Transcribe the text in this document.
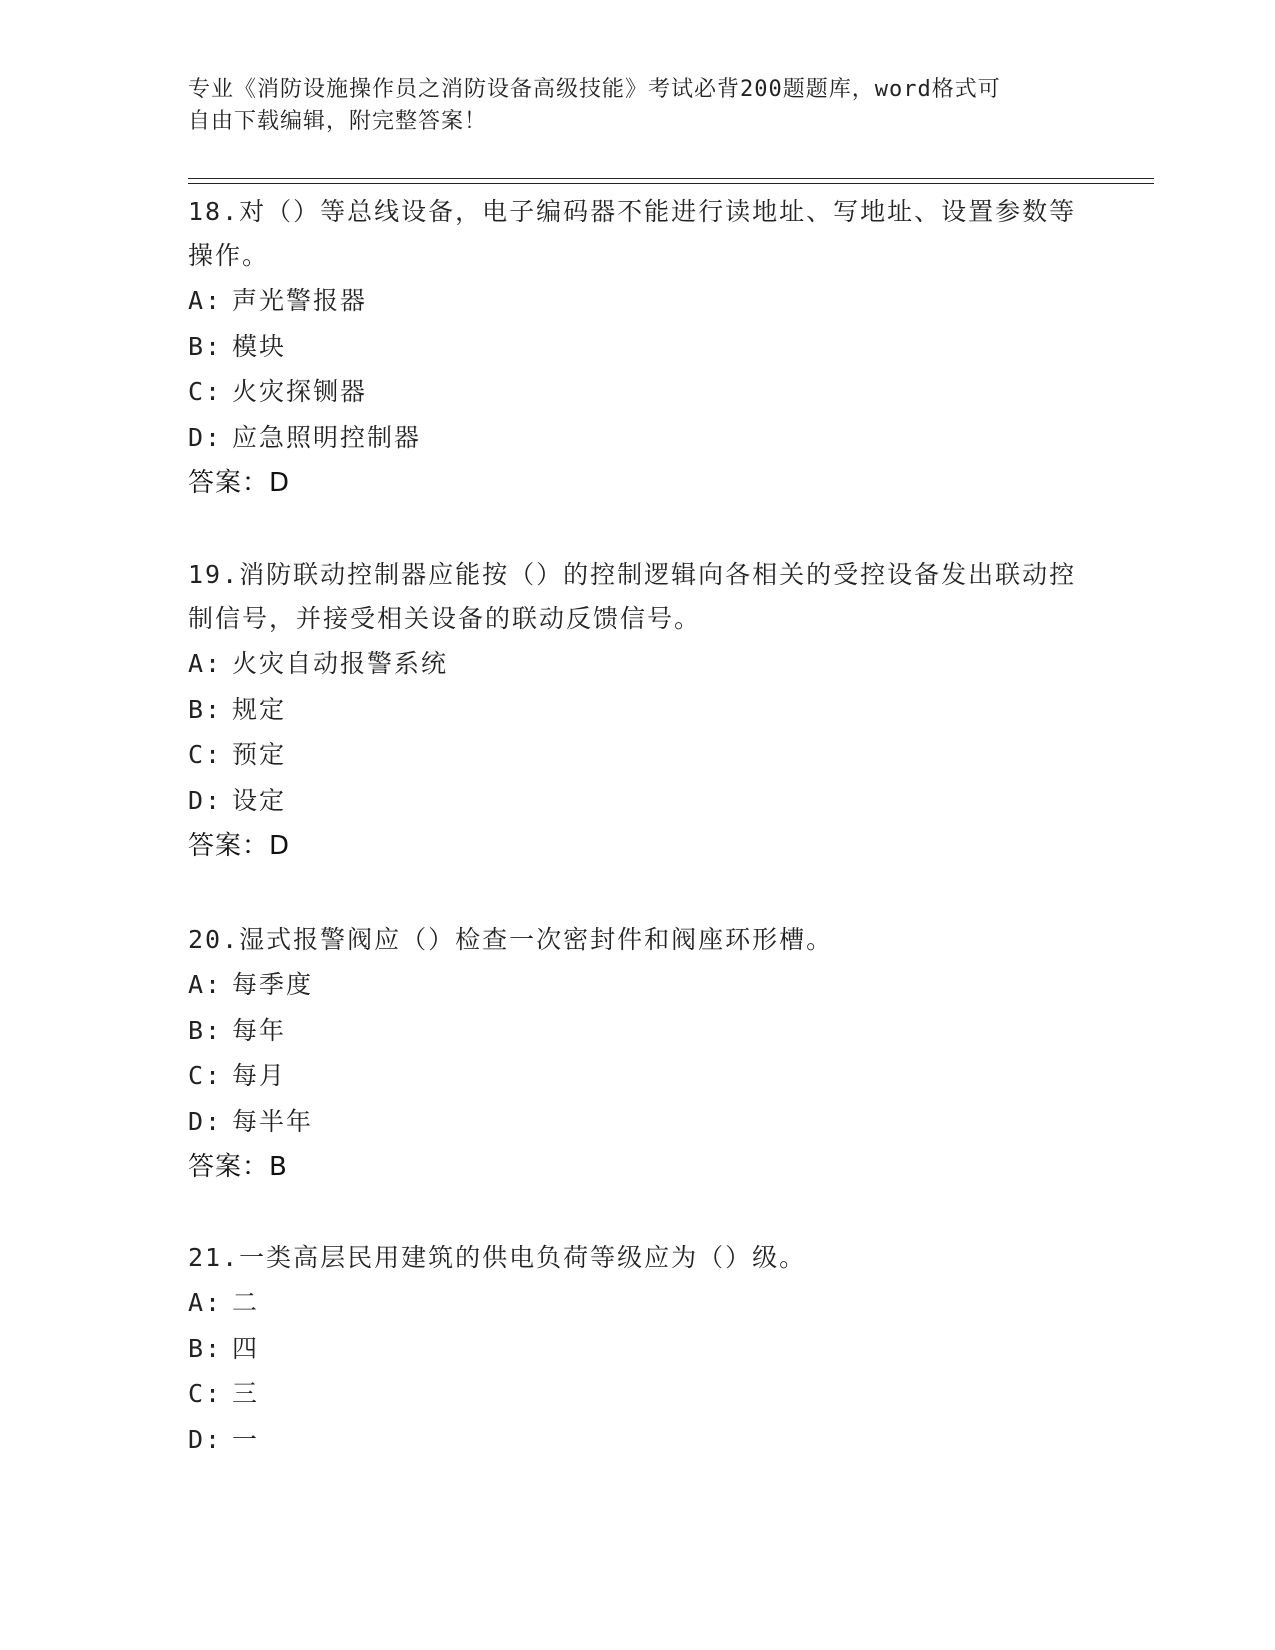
专业《消防设施操作员之消防设备高级技能》考试必背200题题库，word格式可
自由下载编辑，附完整答案！

18.对（）等总线设备，电子编码器不能进行读地址、写地址、设置参数等操作。

A: 声光警报器
B: 模块
C: 火灾探铡器
D: 应急照明控制器
答案：D

19.消防联动控制器应能按（）的控制逻辑向各相关的受控设备发出联动控制信号，并接受相关设备的联动反馈信号。

A: 火灾自动报警系统
B: 规定
C: 预定
D: 设定
答案：D

20.湿式报警阀应（）检查一次密封件和阀座环形槽。

A: 每季度
B: 每年
C: 每月
D: 每半年
答案：B

21.一类高层民用建筑的供电负荷等级应为（）级。

A: 二
B: 四
C: 三
D: 一
